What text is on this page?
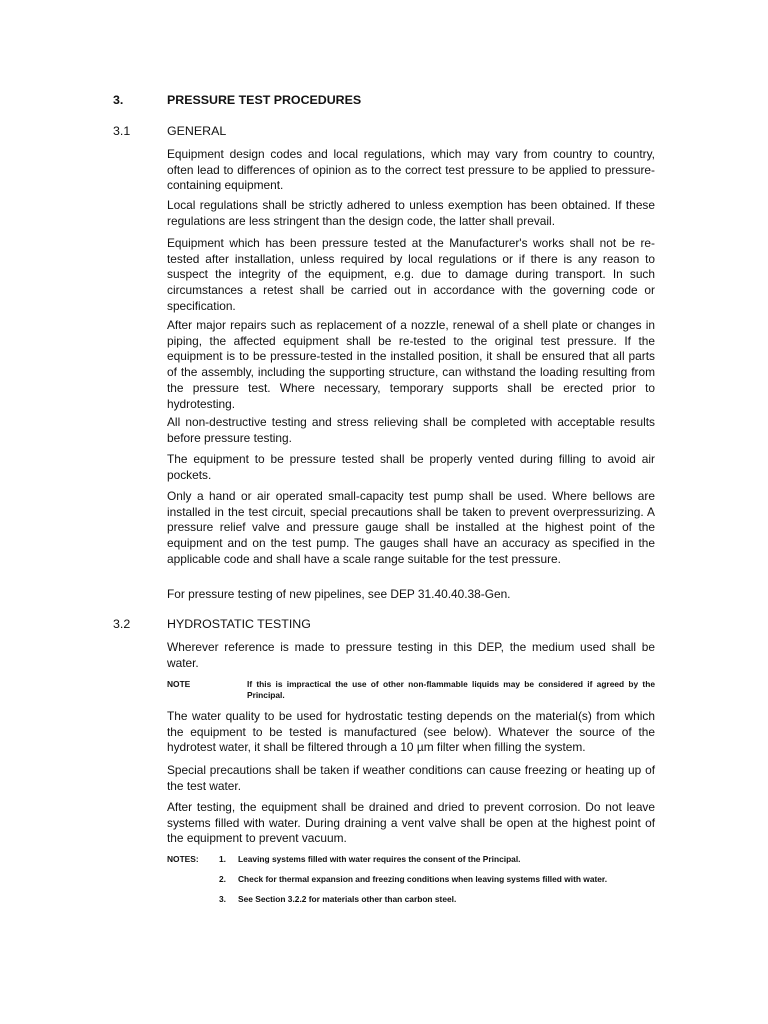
3.	PRESSURE TEST PROCEDURES
3.1	GENERAL

Equipment design codes and local regulations, which may vary from country to country, often lead to differences of opinion as to the correct test pressure to be applied to pressure-containing equipment.

Local regulations shall be strictly adhered to unless exemption has been obtained. If these regulations are less stringent than the design code, the latter shall prevail.

Equipment which has been pressure tested at the Manufacturer's works shall not be re-tested after installation, unless required by local regulations or if there is any reason to suspect the integrity of the equipment, e.g. due to damage during transport. In such circumstances a retest shall be carried out in accordance with the governing code or specification.

After major repairs such as replacement of a nozzle, renewal of a shell plate or changes in piping, the affected equipment shall be re-tested to the original test pressure. If the equipment is to be pressure-tested in the installed position, it shall be ensured that all parts of the assembly, including the supporting structure, can withstand the loading resulting from the pressure test. Where necessary, temporary supports shall be erected prior to hydrotesting.

All non-destructive testing and stress relieving shall be completed with acceptable results before pressure testing.

The equipment to be pressure tested shall be properly vented during filling to avoid air pockets.

Only a hand or air operated small-capacity test pump shall be used. Where bellows are installed in the test circuit, special precautions shall be taken to prevent overpressurizing. A pressure relief valve and pressure gauge shall be installed at the highest point of the equipment and on the test pump. The gauges shall have an accuracy as specified in the applicable code and shall have a scale range suitable for the test pressure.

For pressure testing of new pipelines, see DEP 31.40.40.38-Gen.

3.2	HYDROSTATIC TESTING

Wherever reference is made to pressure testing in this DEP, the medium used shall be water.

NOTE	If this is impractical the use of other non-flammable liquids may be considered if agreed by the Principal.

The water quality to be used for hydrostatic testing depends on the material(s) from which the equipment to be tested is manufactured (see below). Whatever the source of the hydrotest water, it shall be filtered through a 10 µm filter when filling the system.

Special precautions shall be taken if weather conditions can cause freezing or heating up of the test water.

After testing, the equipment shall be drained and dried to prevent corrosion. Do not leave systems filled with water. During draining a vent valve shall be open at the highest point of the equipment to prevent vacuum.

NOTES: 1. Leaving systems filled with water requires the consent of the Principal.
2. Check for thermal expansion and freezing conditions when leaving systems filled with water.
3. See Section 3.2.2 for materials other than carbon steel.
